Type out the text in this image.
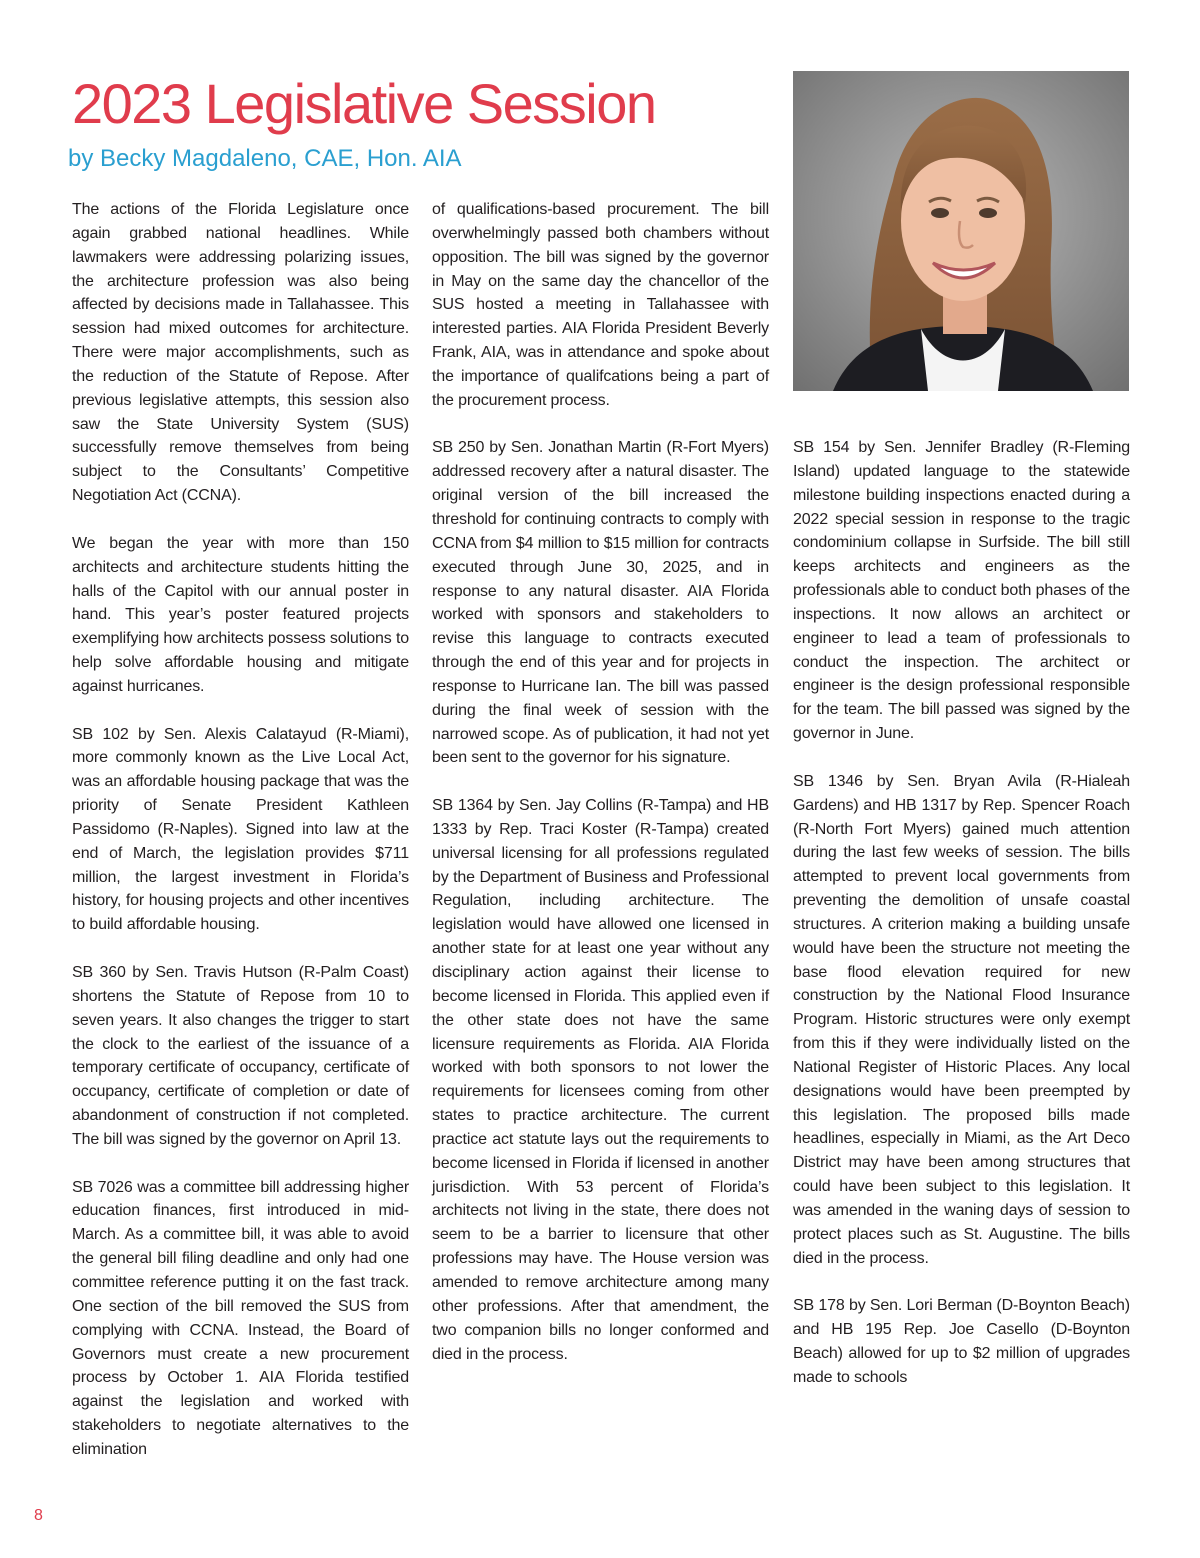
2023 Legislative Session
by Becky Magdaleno, CAE, Hon. AIA

The actions of the Florida Legislature once again grabbed national headlines. While lawmakers were addressing polarizing issues, the architecture profession was also being affected by decisions made in Tallahassee. This session had mixed outcomes for architecture. There were major accomplishments, such as the reduction of the Statute of Repose. After previous legislative attempts, this session also saw the State University System (SUS) successfully remove themselves from being subject to the Consultants’ Competitive Negotiation Act (CCNA).

We began the year with more than 150 architects and architecture students hitting the halls of the Capitol with our annual poster in hand. This year’s poster featured projects exemplifying how architects possess solutions to help solve affordable housing and mitigate against hurricanes.

SB 102 by Sen. Alexis Calatayud (R-Miami), more commonly known as the Live Local Act, was an affordable housing package that was the priority of Senate President Kathleen Passidomo (R-Naples). Signed into law at the end of March, the legislation provides $711 million, the largest investment in Florida’s history, for housing projects and other incentives to build affordable housing.

SB 360 by Sen. Travis Hutson (R-Palm Coast) shortens the Statute of Repose from 10 to seven years. It also changes the trigger to start the clock to the earliest of the issuance of a temporary certificate of occupancy, certificate of occupancy, certificate of completion or date of abandonment of construction if not completed. The bill was signed by the governor on April 13.

SB 7026 was a committee bill addressing higher education finances, first introduced in mid-March. As a committee bill, it was able to avoid the general bill filing deadline and only had one committee reference putting it on the fast track. One section of the bill removed the SUS from complying with CCNA. Instead, the Board of Governors must create a new procurement process by October 1. AIA Florida testified against the legislation and worked with stakeholders to negotiate alternatives to the elimination

of qualifications-based procurement. The bill overwhelmingly passed both chambers without opposition. The bill was signed by the governor in May on the same day the chancellor of the SUS hosted a meeting in Tallahassee with interested parties. AIA Florida President Beverly Frank, AIA, was in attendance and spoke about the importance of qualifcations being a part of the procurement process.

SB 250 by Sen. Jonathan Martin (R-Fort Myers) addressed recovery after a natural disaster. The original version of the bill increased the threshold for continuing contracts to comply with CCNA from $4 million to $15 million for contracts executed through June 30, 2025, and in response to any natural disaster. AIA Florida worked with sponsors and stakeholders to revise this language to contracts executed through the end of this year and for projects in response to Hurricane Ian. The bill was passed during the final week of session with the narrowed scope. As of publication, it had not yet been sent to the governor for his signature.

SB 1364 by Sen. Jay Collins (R-Tampa) and HB 1333 by Rep. Traci Koster (R-Tampa) created universal licensing for all professions regulated by the Department of Business and Professional Regulation, including architecture. The legislation would have allowed one licensed in another state for at least one year without any disciplinary action against their license to become licensed in Florida. This applied even if the other state does not have the same licensure requirements as Florida. AIA Florida worked with both sponsors to not lower the requirements for licensees coming from other states to practice architecture. The current practice act statute lays out the requirements to become licensed in Florida if licensed in another jurisdiction. With 53 percent of Florida’s architects not living in the state, there does not seem to be a barrier to licensure that other professions may have. The House version was amended to remove architecture among many other professions. After that amendment, the two companion bills no longer conformed and died in the process.

SB 154 by Sen. Jennifer Bradley (R-Fleming Island) updated language to the statewide milestone building inspections enacted during a 2022 special session in response to the tragic condominium collapse in Surfside. The bill still keeps architects and engineers as the professionals able to conduct both phases of the inspections. It now allows an architect or engineer to lead a team of professionals to conduct the inspection. The architect or engineer is the design professional responsible for the team. The bill passed was signed by the governor in June.

SB 1346 by Sen. Bryan Avila (R-Hialeah Gardens) and HB 1317 by Rep. Spencer Roach (R-North Fort Myers) gained much attention during the last few weeks of session. The bills attempted to prevent local governments from preventing the demolition of unsafe coastal structures. A criterion making a building unsafe would have been the structure not meeting the base flood elevation required for new construction by the National Flood Insurance Program. Historic structures were only exempt from this if they were individually listed on the National Register of Historic Places. Any local designations would have been preempted by this legislation. The proposed bills made headlines, especially in Miami, as the Art Deco District may have been among structures that could have been subject to this legislation. It was amended in the waning days of session to protect places such as St. Augustine. The bills died in the process.

SB 178 by Sen. Lori Berman (D-Boynton Beach) and HB 195 Rep. Joe Casello (D-Boynton Beach) allowed for up to $2 million of upgrades made to schools

8
